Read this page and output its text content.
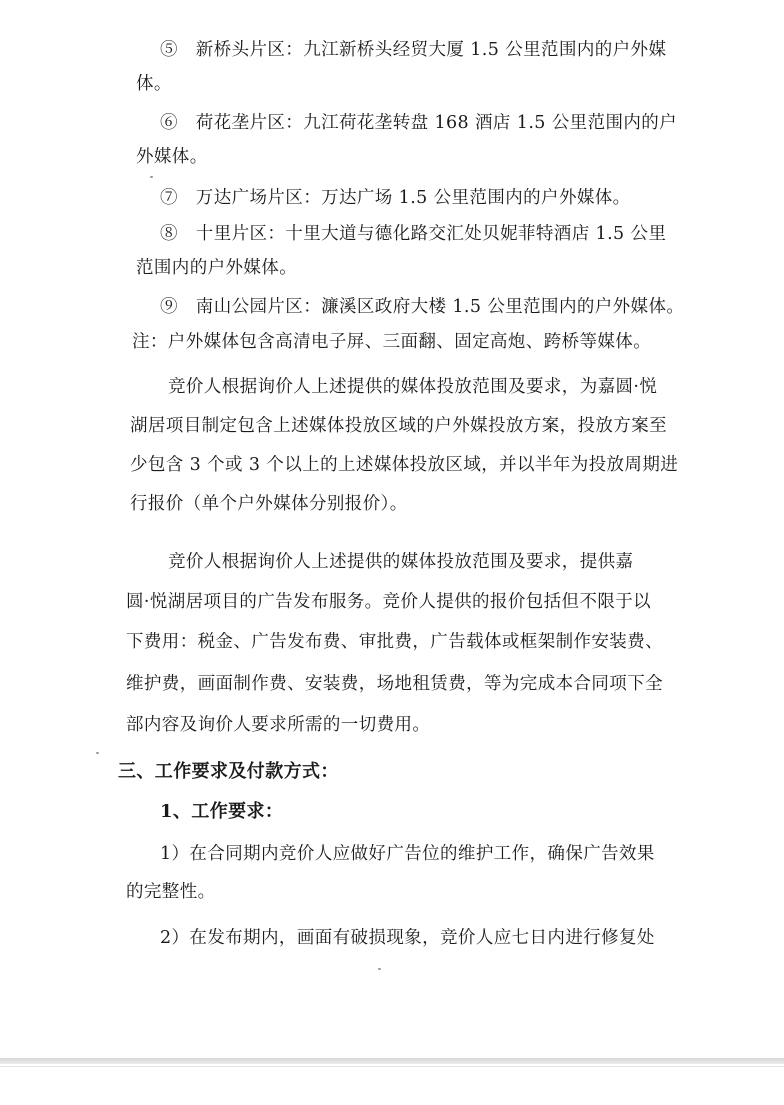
⑤　新桥头片区：九江新桥头经贸大厦 1.5 公里范围内的户外媒
体。
⑥　荷花垄片区：九江荷花垄转盘 168 酒店 1.5 公里范围内的户
外媒体。
⑦　万达广场片区：万达广场 1.5 公里范围内的户外媒体。
⑧　十里片区：十里大道与德化路交汇处贝妮菲特酒店 1.5 公里
范围内的户外媒体。
⑨　南山公园片区：濂溪区政府大楼 1.5 公里范围内的户外媒体。
注：户外媒体包含高清电子屏、三面翻、固定高炮、跨桥等媒体。
竞价人根据询价人上述提供的媒体投放范围及要求，为嘉圆·悦
湖居项目制定包含上述媒体投放区域的户外媒投放方案，投放方案至
少包含 3 个或 3 个以上的上述媒体投放区域，并以半年为投放周期进
行报价（单个户外媒体分别报价）。
竞价人根据询价人上述提供的媒体投放范围及要求，提供嘉
圆·悦湖居项目的广告发布服务。竞价人提供的报价包括但不限于以
下费用：税金、广告发布费、审批费，广告载体或框架制作安装费、
维护费，画面制作费、安装费，场地租赁费，等为完成本合同项下全
部内容及询价人要求所需的一切费用。
三、工作要求及付款方式：
1、工作要求：
1）在合同期内竞价人应做好广告位的维护工作，确保广告效果
的完整性。
2）在发布期内，画面有破损现象，竞价人应七日内进行修复处
